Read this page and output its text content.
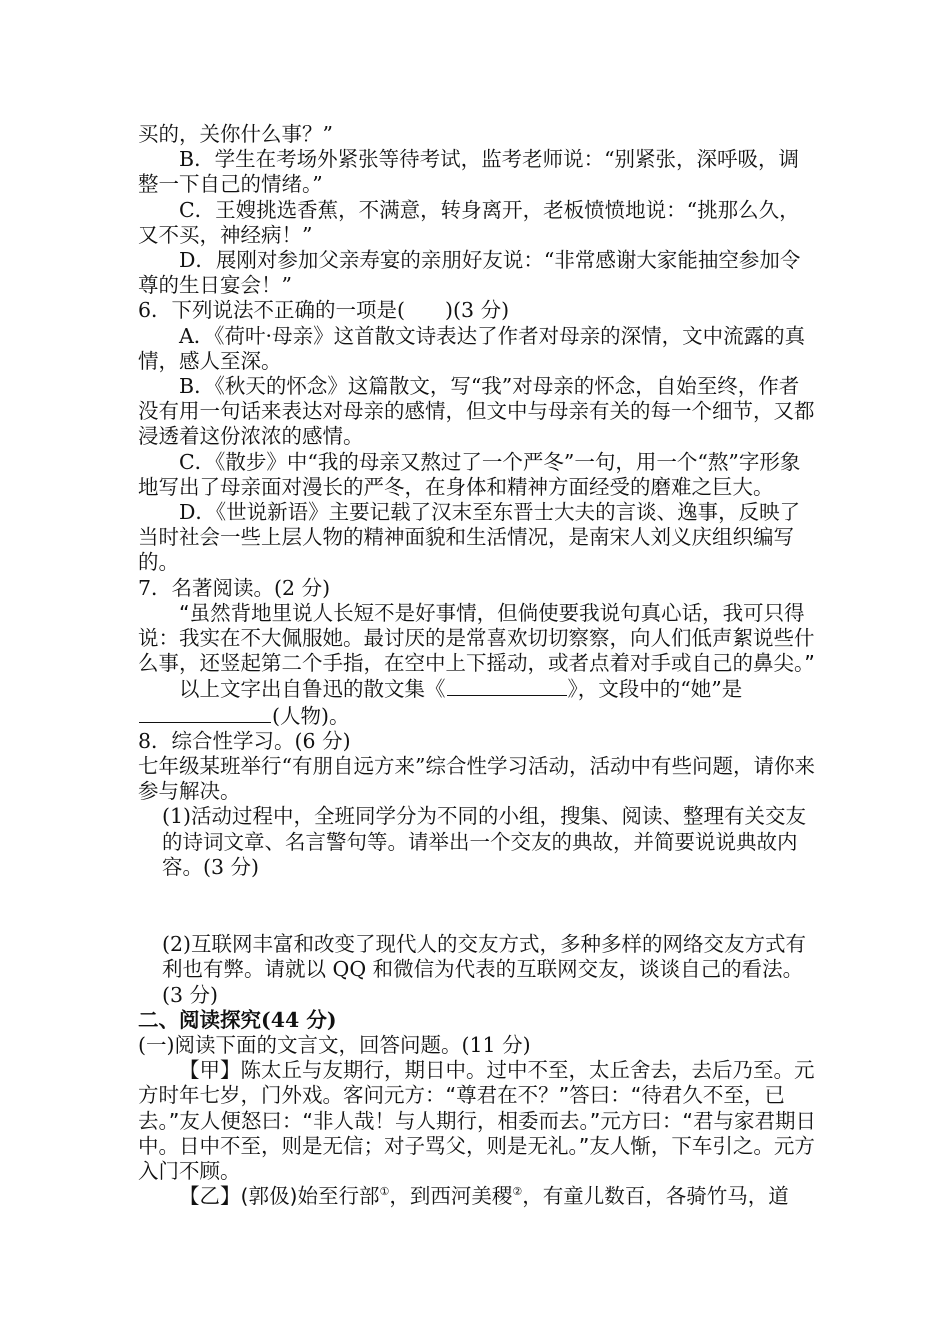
买的，关你什么事？”

B．学生在考场外紧张等待考试，监考老师说：“别紧张，深呼吸，调整一下自己的情绪。”

C．王嫂挑选香蕉，不满意，转身离开，老板愤愤地说：“挑那么久，又不买，神经病！”

D．展刚对参加父亲寿宴的亲朋好友说：“非常感谢大家能抽空参加令尊的生日宴会！”

6．下列说法不正确的一项是( )(3 分)

A．《荷叶·母亲》这首散文诗表达了作者对母亲的深情，文中流露的真情，感人至深。

B．《秋天的怀念》这篇散文，写“我”对母亲的怀念，自始至终，作者没有用一句话来表达对母亲的感情，但文中与母亲有关的每一个细节，又都浸透着这份浓浓的感情。

C．《散步》中“我的母亲又熬过了一个严冬”一句，用一个“熬”字形象地写出了母亲面对漫长的严冬，在身体和精神方面经受的磨难之巨大。

D．《世说新语》主要记载了汉末至东晋士大夫的言谈、逸事，反映了当时社会一些上层人物的精神面貌和生活情况，是南宋人刘义庆组织编写的。

7．名著阅读。(2 分)

“虽然背地里说人长短不是好事情，但倘使要我说句真心话，我可只得说：我实在不大佩服她。最讨厌的是常喜欢切切察察，向人们低声絮说些什么事，还竖起第二个手指，在空中上下摇动，或者点着对手或自己的鼻尖。”

以上文字出自鲁迅的散文集《	》，文段中的“她”是(人物)。

8．综合性学习。(6 分)

七年级某班举行“有朋自远方来”综合性学习活动，活动中有些问题，请你来参与解决。

(1)活动过程中，全班同学分为不同的小组，搜集、阅读、整理有关交友的诗词文章、名言警句等。请举出一个交友的典故，并简要说说典故内容。(3 分)

(2)互联网丰富和改变了现代人的交友方式，多种多样的网络交友方式有利也有弊。请就以 QQ 和微信为代表的互联网交友，谈谈自己的看法。(3 分)

二、阅读探究(44 分)

(一)阅读下面的文言文，回答问题。(11 分)

【甲】陈太丘与友期行，期日中。过中不至，太丘舍去，去后乃至。元方时年七岁，门外戏。客问元方：“尊君在不？”答曰：“待君久不至，已去。”友人便怒曰：“非人哉！与人期行，相委而去。”元方曰：“君与家君期日中。日中不至，则是无信；对子骂父，则是无礼。”友人惭，下车引之。元方入门不顾。

【乙】(郭伋)始至行部①，到西河美稷②，有童儿数百，各骑竹马，道
